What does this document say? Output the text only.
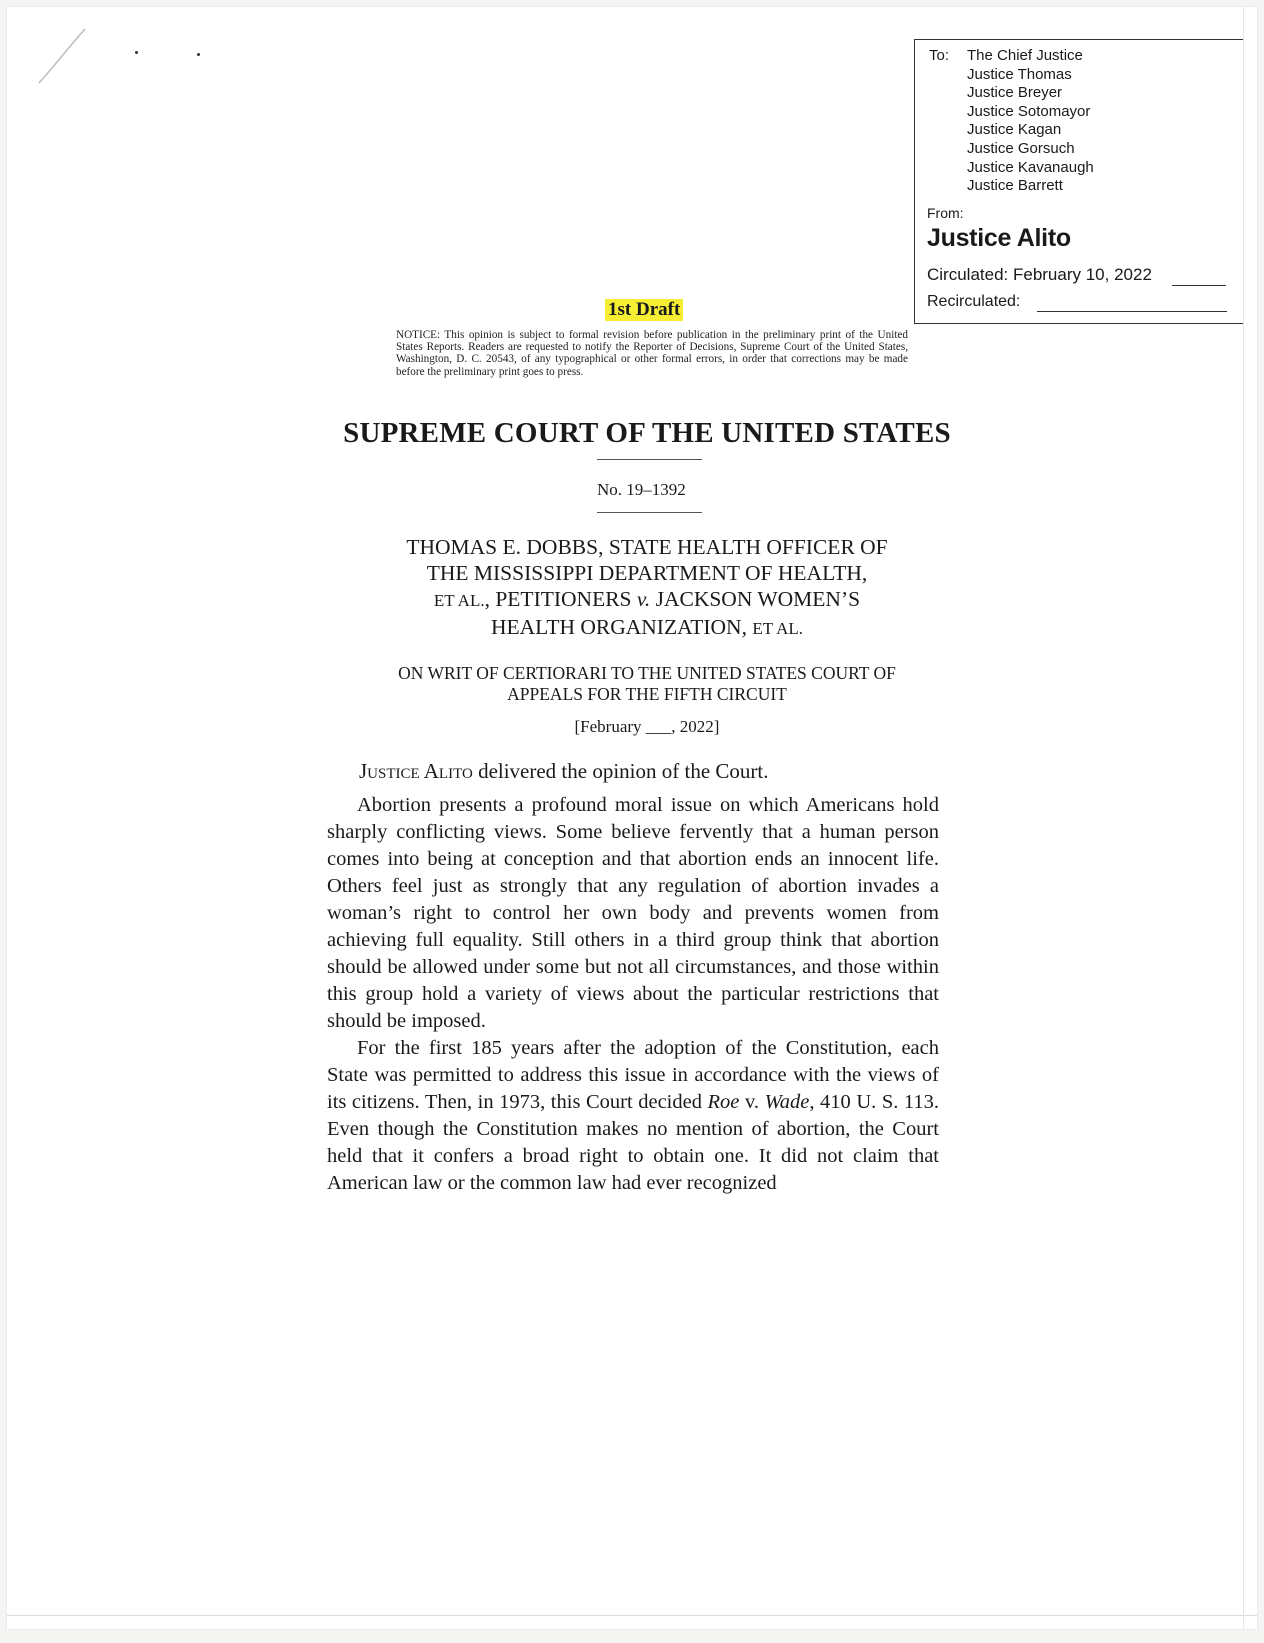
To: The Chief Justice
Justice Thomas
Justice Breyer
Justice Sotomayor
Justice Kagan
Justice Gorsuch
Justice Kavanaugh
Justice Barrett
From:
Justice Alito
Circulated: February 10, 2022
Recirculated:
1st Draft
NOTICE: This opinion is subject to formal revision before publication in the preliminary print of the United States Reports. Readers are requested to notify the Reporter of Decisions, Supreme Court of the United States, Washington, D. C. 20543, of any typographical or other formal errors, in order that corrections may be made before the preliminary print goes to press.
SUPREME COURT OF THE UNITED STATES
No. 19–1392
THOMAS E. DOBBS, STATE HEALTH OFFICER OF
THE MISSISSIPPI DEPARTMENT OF HEALTH,
ET AL., PETITIONERS v. JACKSON WOMEN’S
HEALTH ORGANIZATION, ET AL.
ON WRIT OF CERTIORARI TO THE UNITED STATES COURT OF
APPEALS FOR THE FIFTH CIRCUIT
[February ___, 2022]
Justice Alito delivered the opinion of the Court.

Abortion presents a profound moral issue on which Americans hold sharply conflicting views. Some believe fervently that a human person comes into being at conception and that abortion ends an innocent life. Others feel just as strongly that any regulation of abortion invades a woman’s right to control her own body and prevents women from achieving full equality. Still others in a third group think that abortion should be allowed under some but not all circumstances, and those within this group hold a variety of views about the particular restrictions that should be imposed.

For the first 185 years after the adoption of the Constitution, each State was permitted to address this issue in accordance with the views of its citizens. Then, in 1973, this Court decided Roe v. Wade, 410 U. S. 113. Even though the Constitution makes no mention of abortion, the Court held that it confers a broad right to obtain one. It did not claim that American law or the common law had ever recognized
